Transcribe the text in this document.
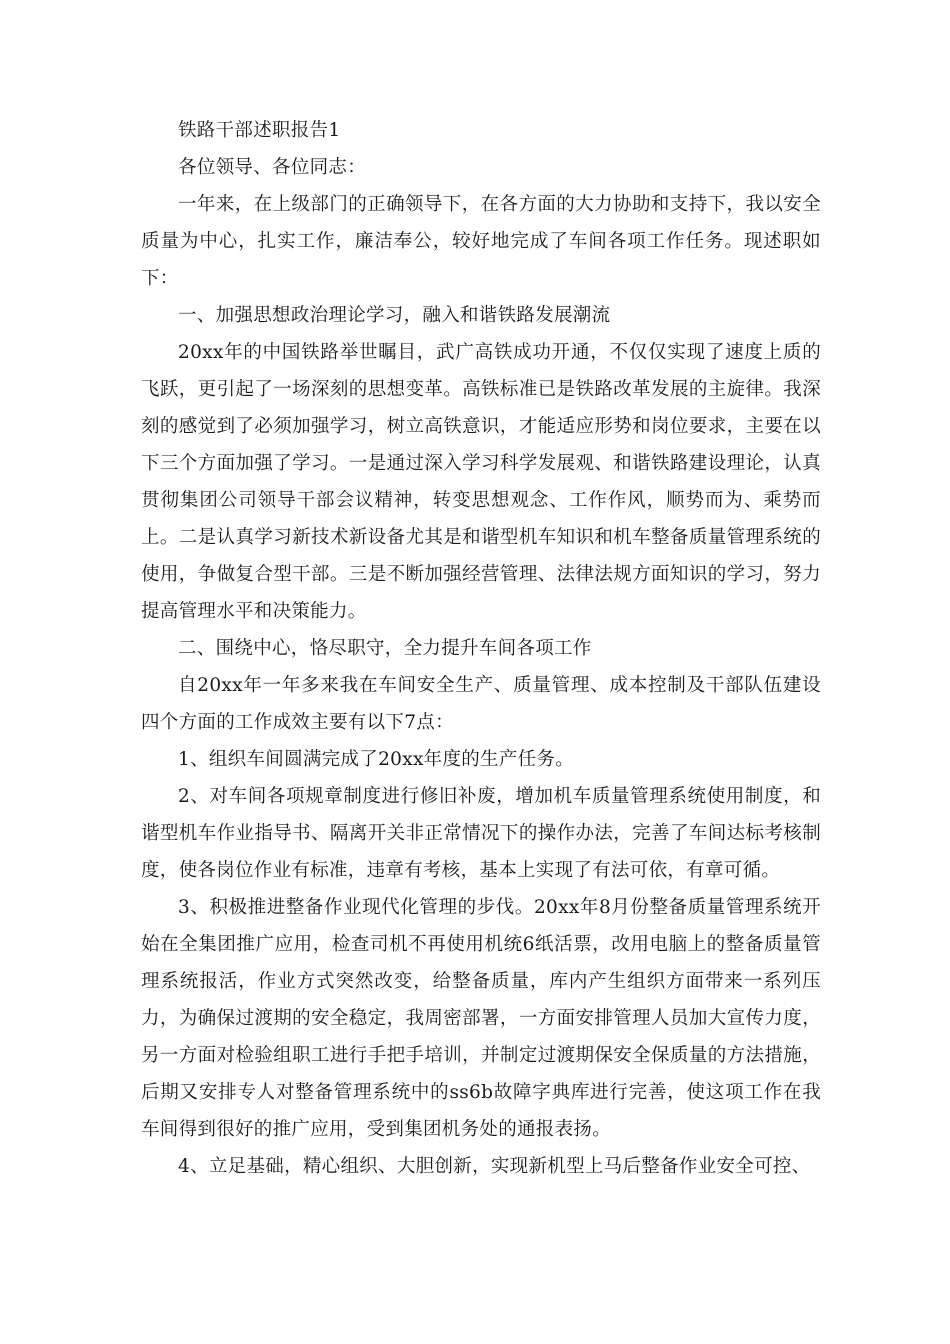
铁路干部述职报告1

各位领导、各位同志：

一年来，在上级部门的正确领导下，在各方面的大力协助和支持下，我以安全质量为中心，扎实工作，廉洁奉公，较好地完成了车间各项工作任务。现述职如下：

一、加强思想政治理论学习，融入和谐铁路发展潮流

20xx年的中国铁路举世瞩目，武广高铁成功开通，不仅仅实现了速度上质的飞跃，更引起了一场深刻的思想变革。高铁标准已是铁路改革发展的主旋律。我深刻的感觉到了必须加强学习，树立高铁意识，才能适应形势和岗位要求，主要在以下三个方面加强了学习。一是通过深入学习科学发展观、和谐铁路建设理论，认真贯彻集团公司领导干部会议精神，转变思想观念、工作作风，顺势而为、乘势而上。二是认真学习新技术新设备尤其是和谐型机车知识和机车整备质量管理系统的使用，争做复合型干部。三是不断加强经营管理、法律法规方面知识的学习，努力提高管理水平和决策能力。

二、围绕中心，恪尽职守，全力提升车间各项工作

自20xx年一年多来我在车间安全生产、质量管理、成本控制及干部队伍建设四个方面的工作成效主要有以下7点：

1、组织车间圆满完成了20xx年度的生产任务。

2、对车间各项规章制度进行修旧补废，增加机车质量管理系统使用制度，和谐型机车作业指导书、隔离开关非正常情况下的操作办法，完善了车间达标考核制度，使各岗位作业有标准，违章有考核，基本上实现了有法可依，有章可循。

3、积极推进整备作业现代化管理的步伐。20xx年8月份整备质量管理系统开始在全集团推广应用，检查司机不再使用机统6纸活票，改用电脑上的整备质量管理系统报活，作业方式突然改变，给整备质量，库内产生组织方面带来一系列压力，为确保过渡期的安全稳定，我周密部署，一方面安排管理人员加大宣传力度，另一方面对检验组职工进行手把手培训，并制定过渡期保安全保质量的方法措施，后期又安排专人对整备管理系统中的ss6b故障字典库进行完善，使这项工作在我车间得到很好的推广应用，受到集团机务处的通报表扬。

4、立足基础，精心组织、大胆创新，实现新机型上马后整备作业安全可控、
